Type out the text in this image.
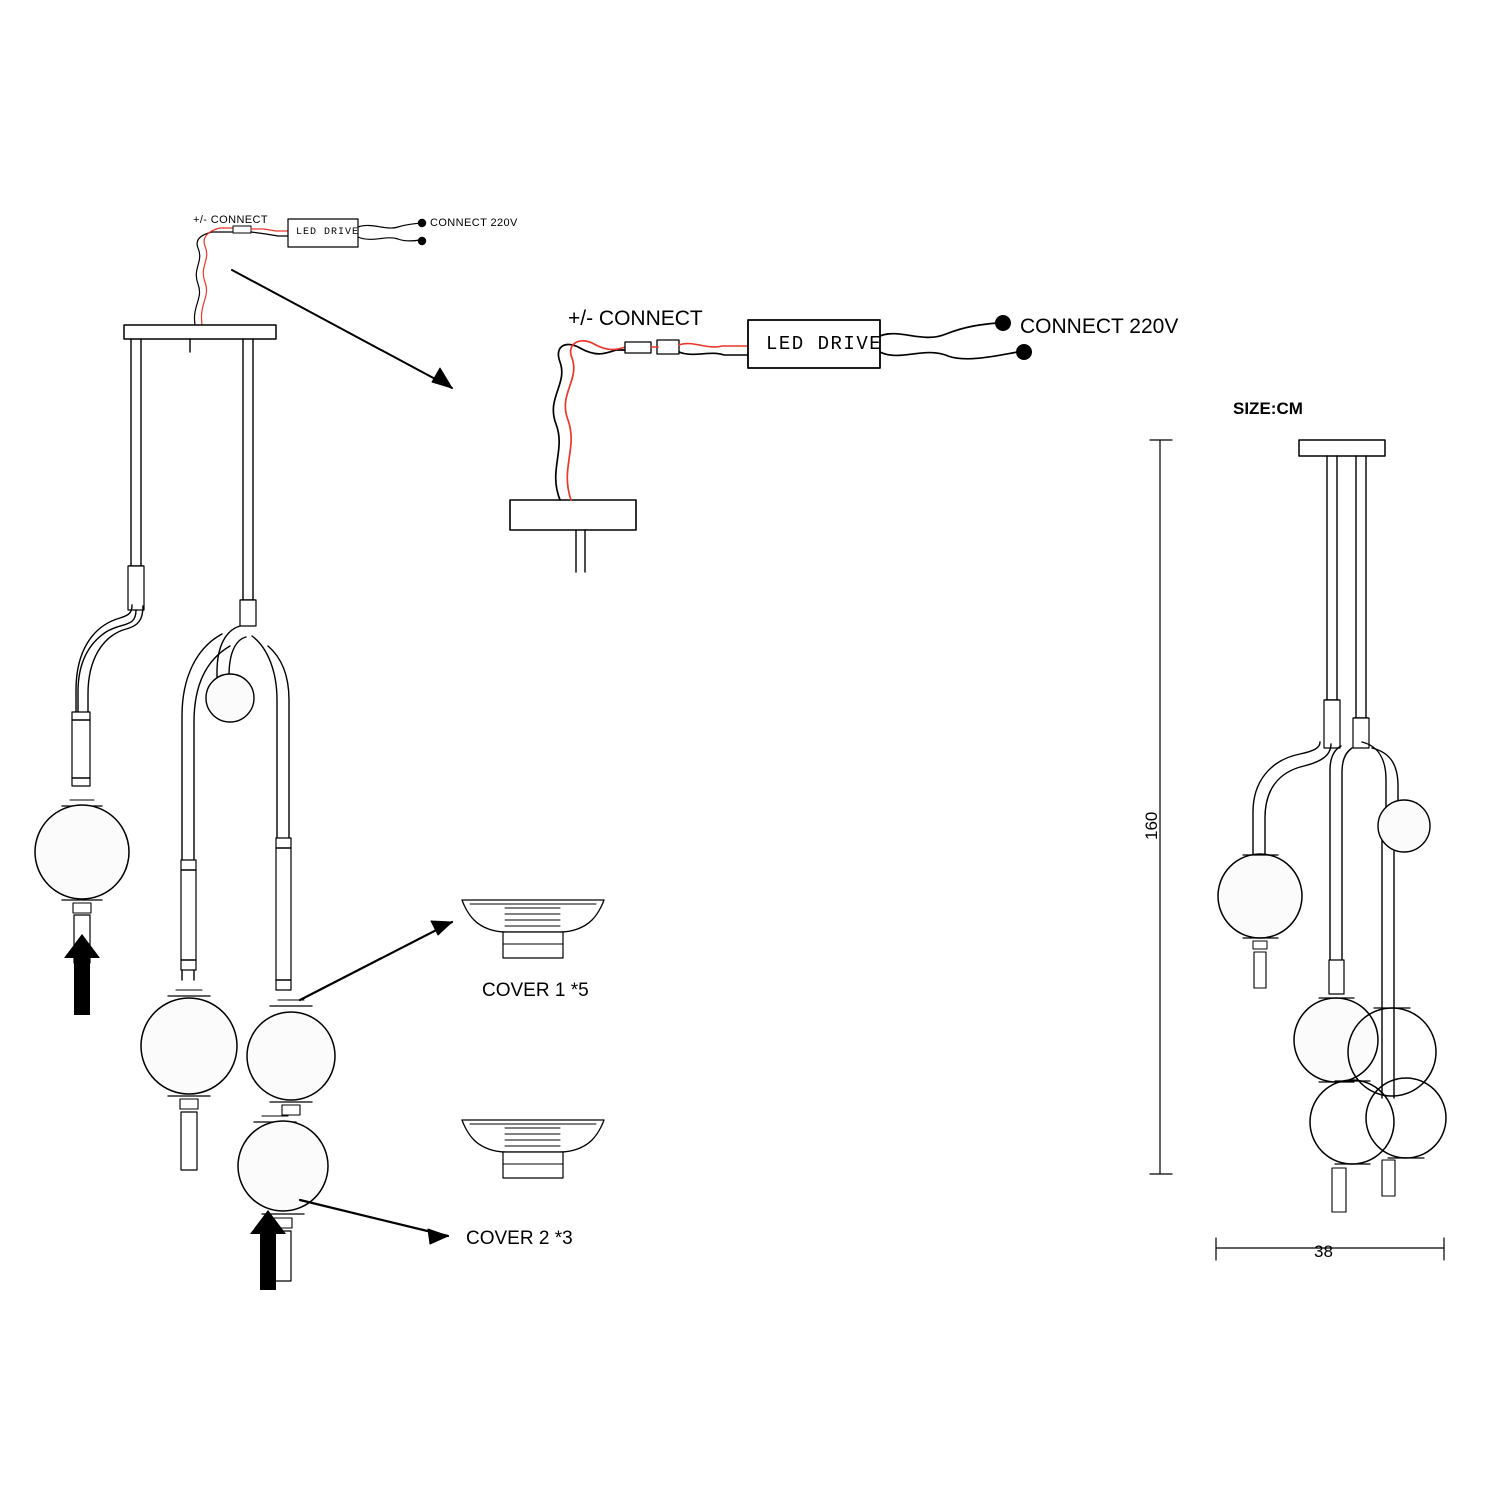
+/- CONNECT
LED DRIVE
CONNECT 220V
+/- CONNECT
LED DRIVE
CONNECT 220V
COVER 1 *5
COVER 2 *3
SIZE:CM
160
38
